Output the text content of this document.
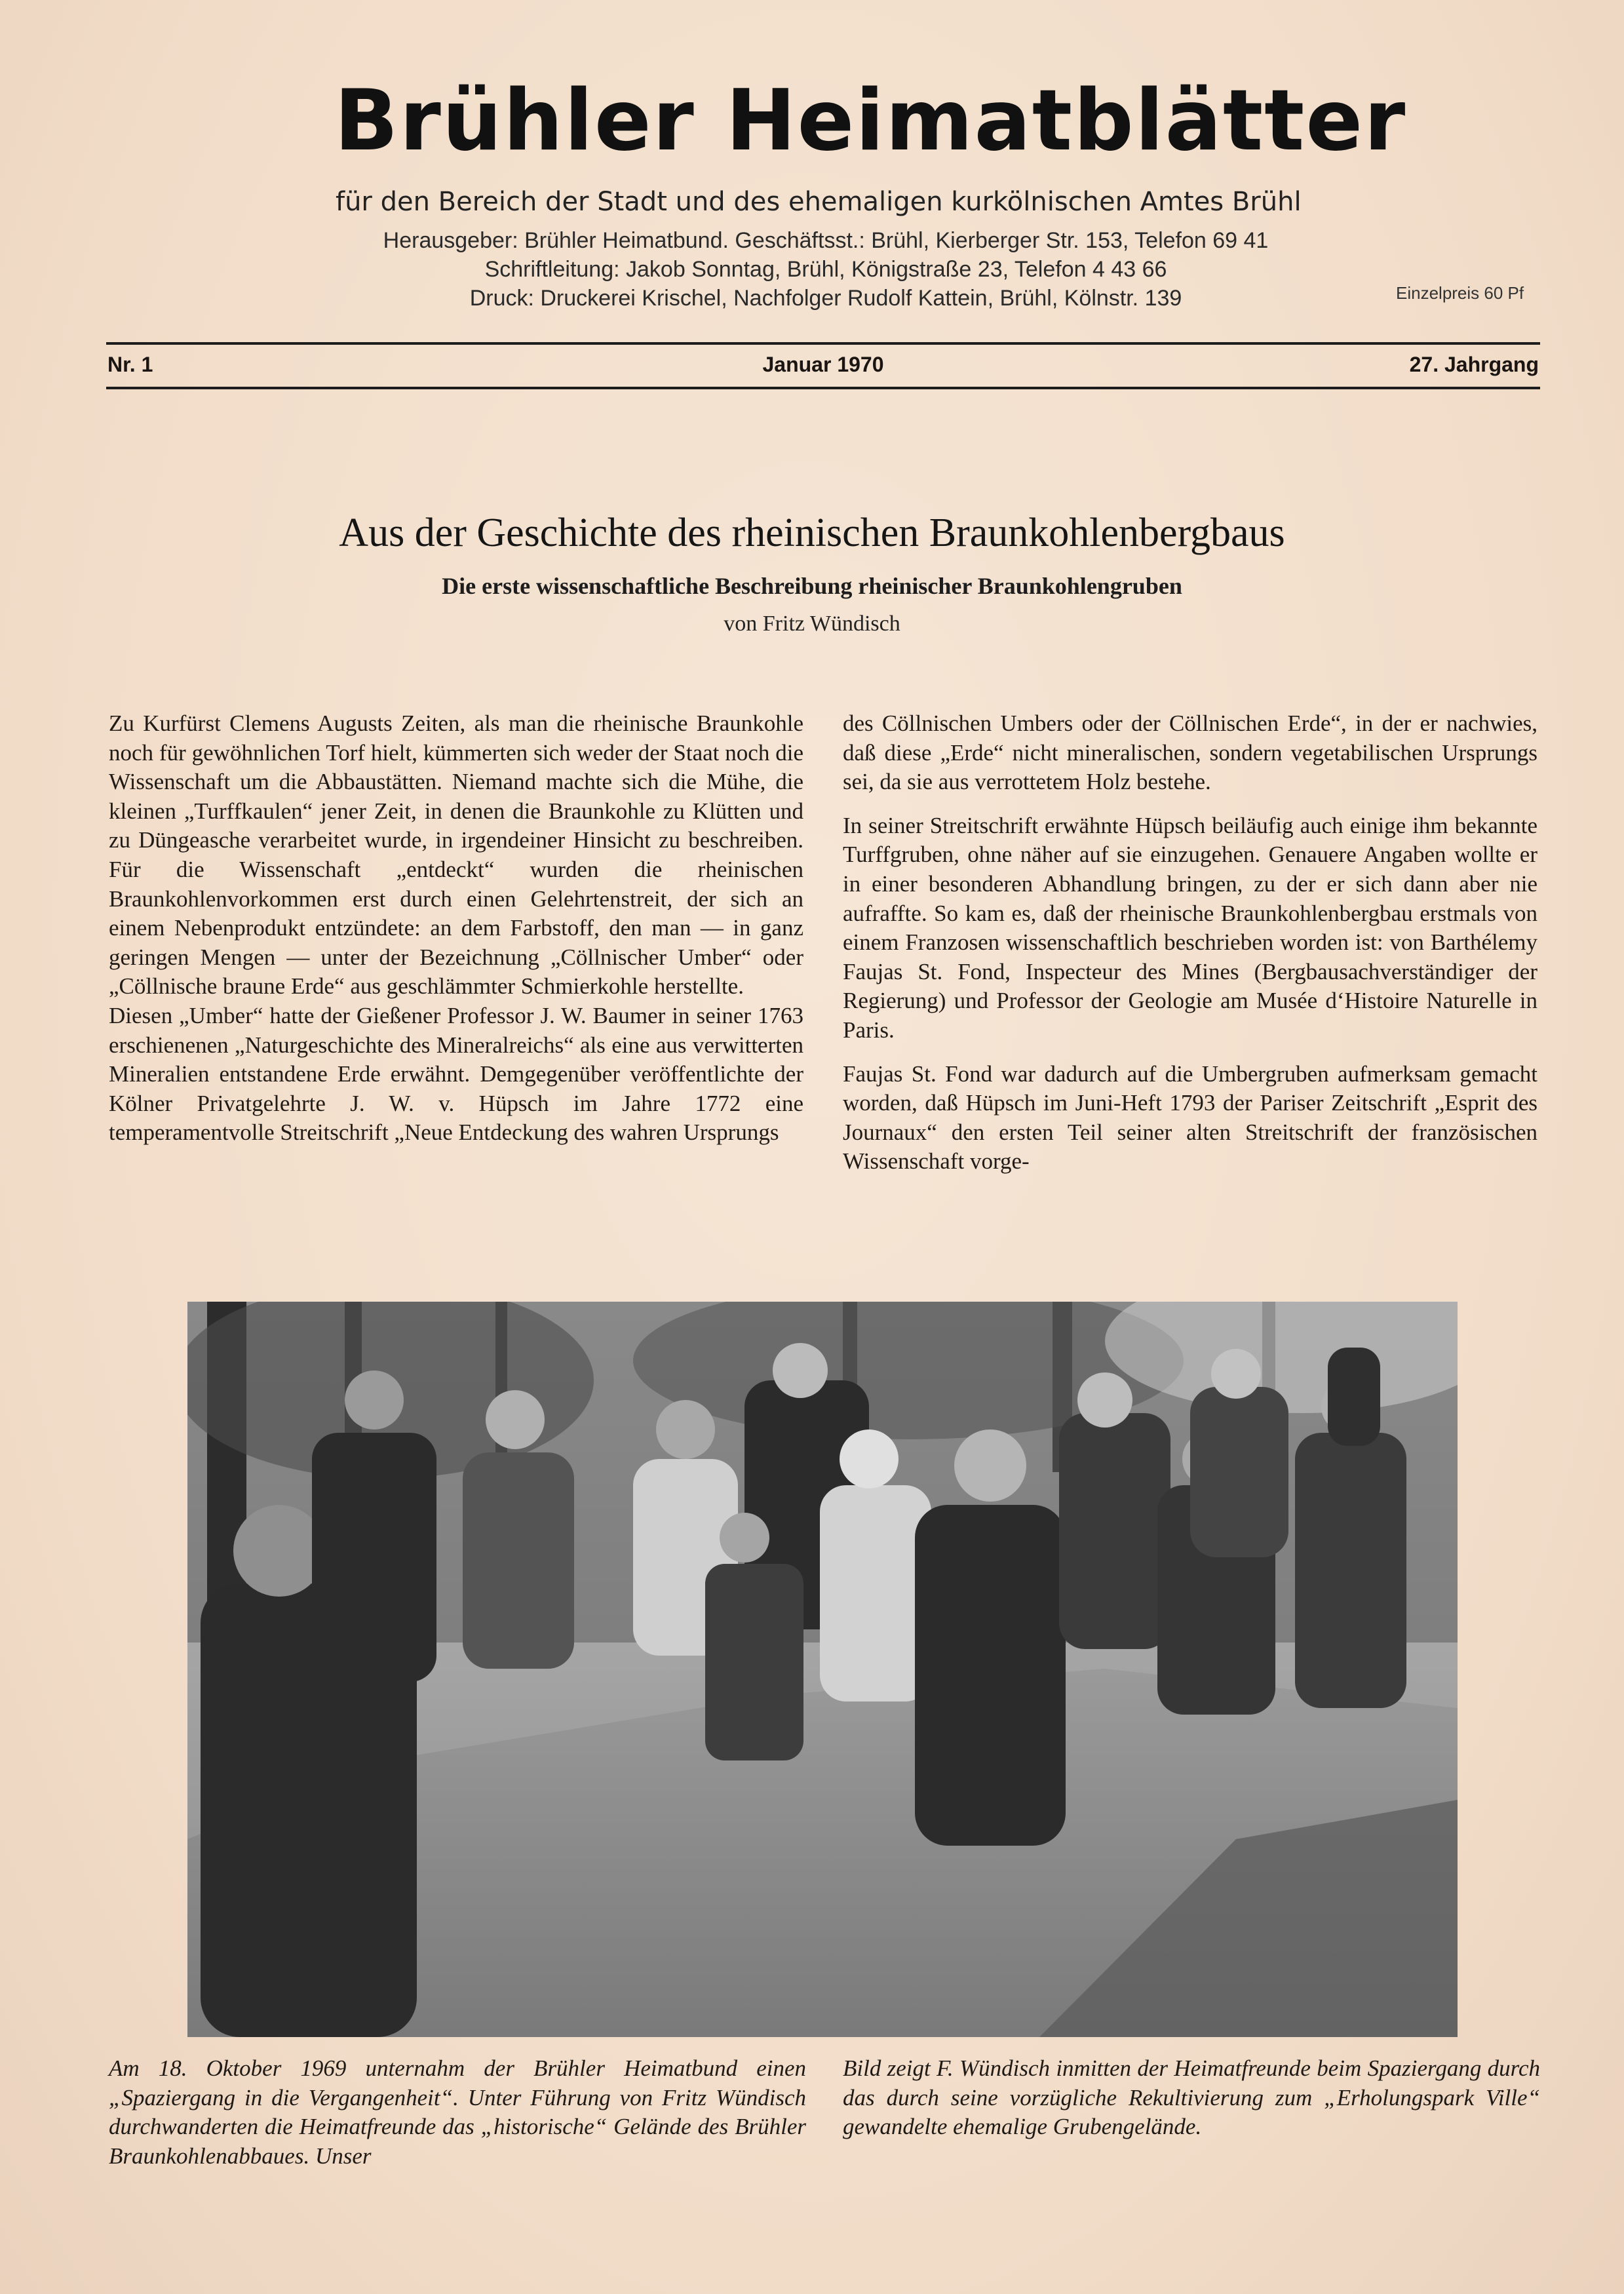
Brühler Heimatblätter
für den Bereich der Stadt und des ehemaligen kurkölnischen Amtes Brühl
Herausgeber: Brühler Heimatbund. Geschäftsst.: Brühl, Kierberger Str. 153, Telefon 69 41
Schriftleitung: Jakob Sonntag, Brühl, Königstraße 23, Telefon 4 43 66
Druck: Druckerei Krischel, Nachfolger Rudolf Kattein, Brühl, Kölnstr. 139	Einzelpreis 60 Pf
Januar 1970
Nr. 1	27. Jahrgang
Aus der Geschichte des rheinischen Braunkohlenbergbaus
Die erste wissenschaftliche Beschreibung rheinischer Braunkohlengruben
von Fritz Wündisch

Zu Kurfürst Clemens Augusts Zeiten, als man die rheinische Braunkohle noch für gewöhnlichen Torf hielt, kümmerten sich weder der Staat noch die Wissenschaft um die Abbaustätten. Niemand machte sich die Mühe, die kleinen „Turffkaulen“ jener Zeit, in denen die Braunkohle zu Klütten und zu Düngeasche verarbeitet wurde, in irgendeiner Hinsicht zu beschreiben. Für die Wissenschaft „entdeckt“ wurden die rheinischen Braunkohlenvorkommen erst durch einen Gelehrtenstreit, der sich an einem Nebenprodukt entzündete: an dem Farbstoff, den man — in ganz geringen Mengen — unter der Bezeichnung „Cöllnischer Umber“ oder „Cöllnische braune Erde“ aus geschlämmter Schmierkohle herstellte.

Diesen „Umber“ hatte der Gießener Professor J. W. Baumer in seiner 1763 erschienenen „Naturgeschichte des Mineralreichs“ als eine aus verwitterten Mineralien entstandene Erde erwähnt. Demgegenüber veröffentlichte der Kölner Privatgelehrte J. W. v. Hüpsch im Jahre 1772 eine temperamentvolle Streitschrift „Neue Entdeckung des wahren Ursprungs

des Cöllnischen Umbers oder der Cöllnischen Erde“, in der er nachwies, daß diese „Erde“ nicht mineralischen, sondern vegetabilischen Ursprungs sei, da sie aus verrottetem Holz bestehe.

In seiner Streitschrift erwähnte Hüpsch beiläufig auch einige ihm bekannte Turffgruben, ohne näher auf sie einzugehen. Genauere Angaben wollte er in einer besonderen Abhandlung bringen, zu der er sich dann aber nie aufraffte. So kam es, daß der rheinische Braunkohlenbergbau erstmals von einem Franzosen wissenschaftlich beschrieben worden ist: von Barthélemy Faujas St. Fond, Inspecteur des Mines (Bergbausachverständiger der Regierung) und Professor der Geologie am Musée d‘Histoire Naturelle in Paris.

Faujas St. Fond war dadurch auf die Umbergruben aufmerksam gemacht worden, daß Hüpsch im Juni-Heft 1793 der Pariser Zeitschrift „Esprit des Journaux“ den ersten Teil seiner alten Streitschrift der französischen Wissenschaft vorge-

Am 18. Oktober 1969 unternahm der Brühler Heimatbund einen „Spaziergang in die Vergangenheit“. Unter Führung von Fritz Wündisch durchwanderten die Heimatfreunde das „historische“ Gelände des Brühler Braunkohlenabbaues. Unser

Bild zeigt F. Wündisch inmitten der Heimatfreunde beim Spaziergang durch das durch seine vorzügliche Rekultivierung zum „Erholungspark Ville“ gewandelte ehemalige Grubengelände.
